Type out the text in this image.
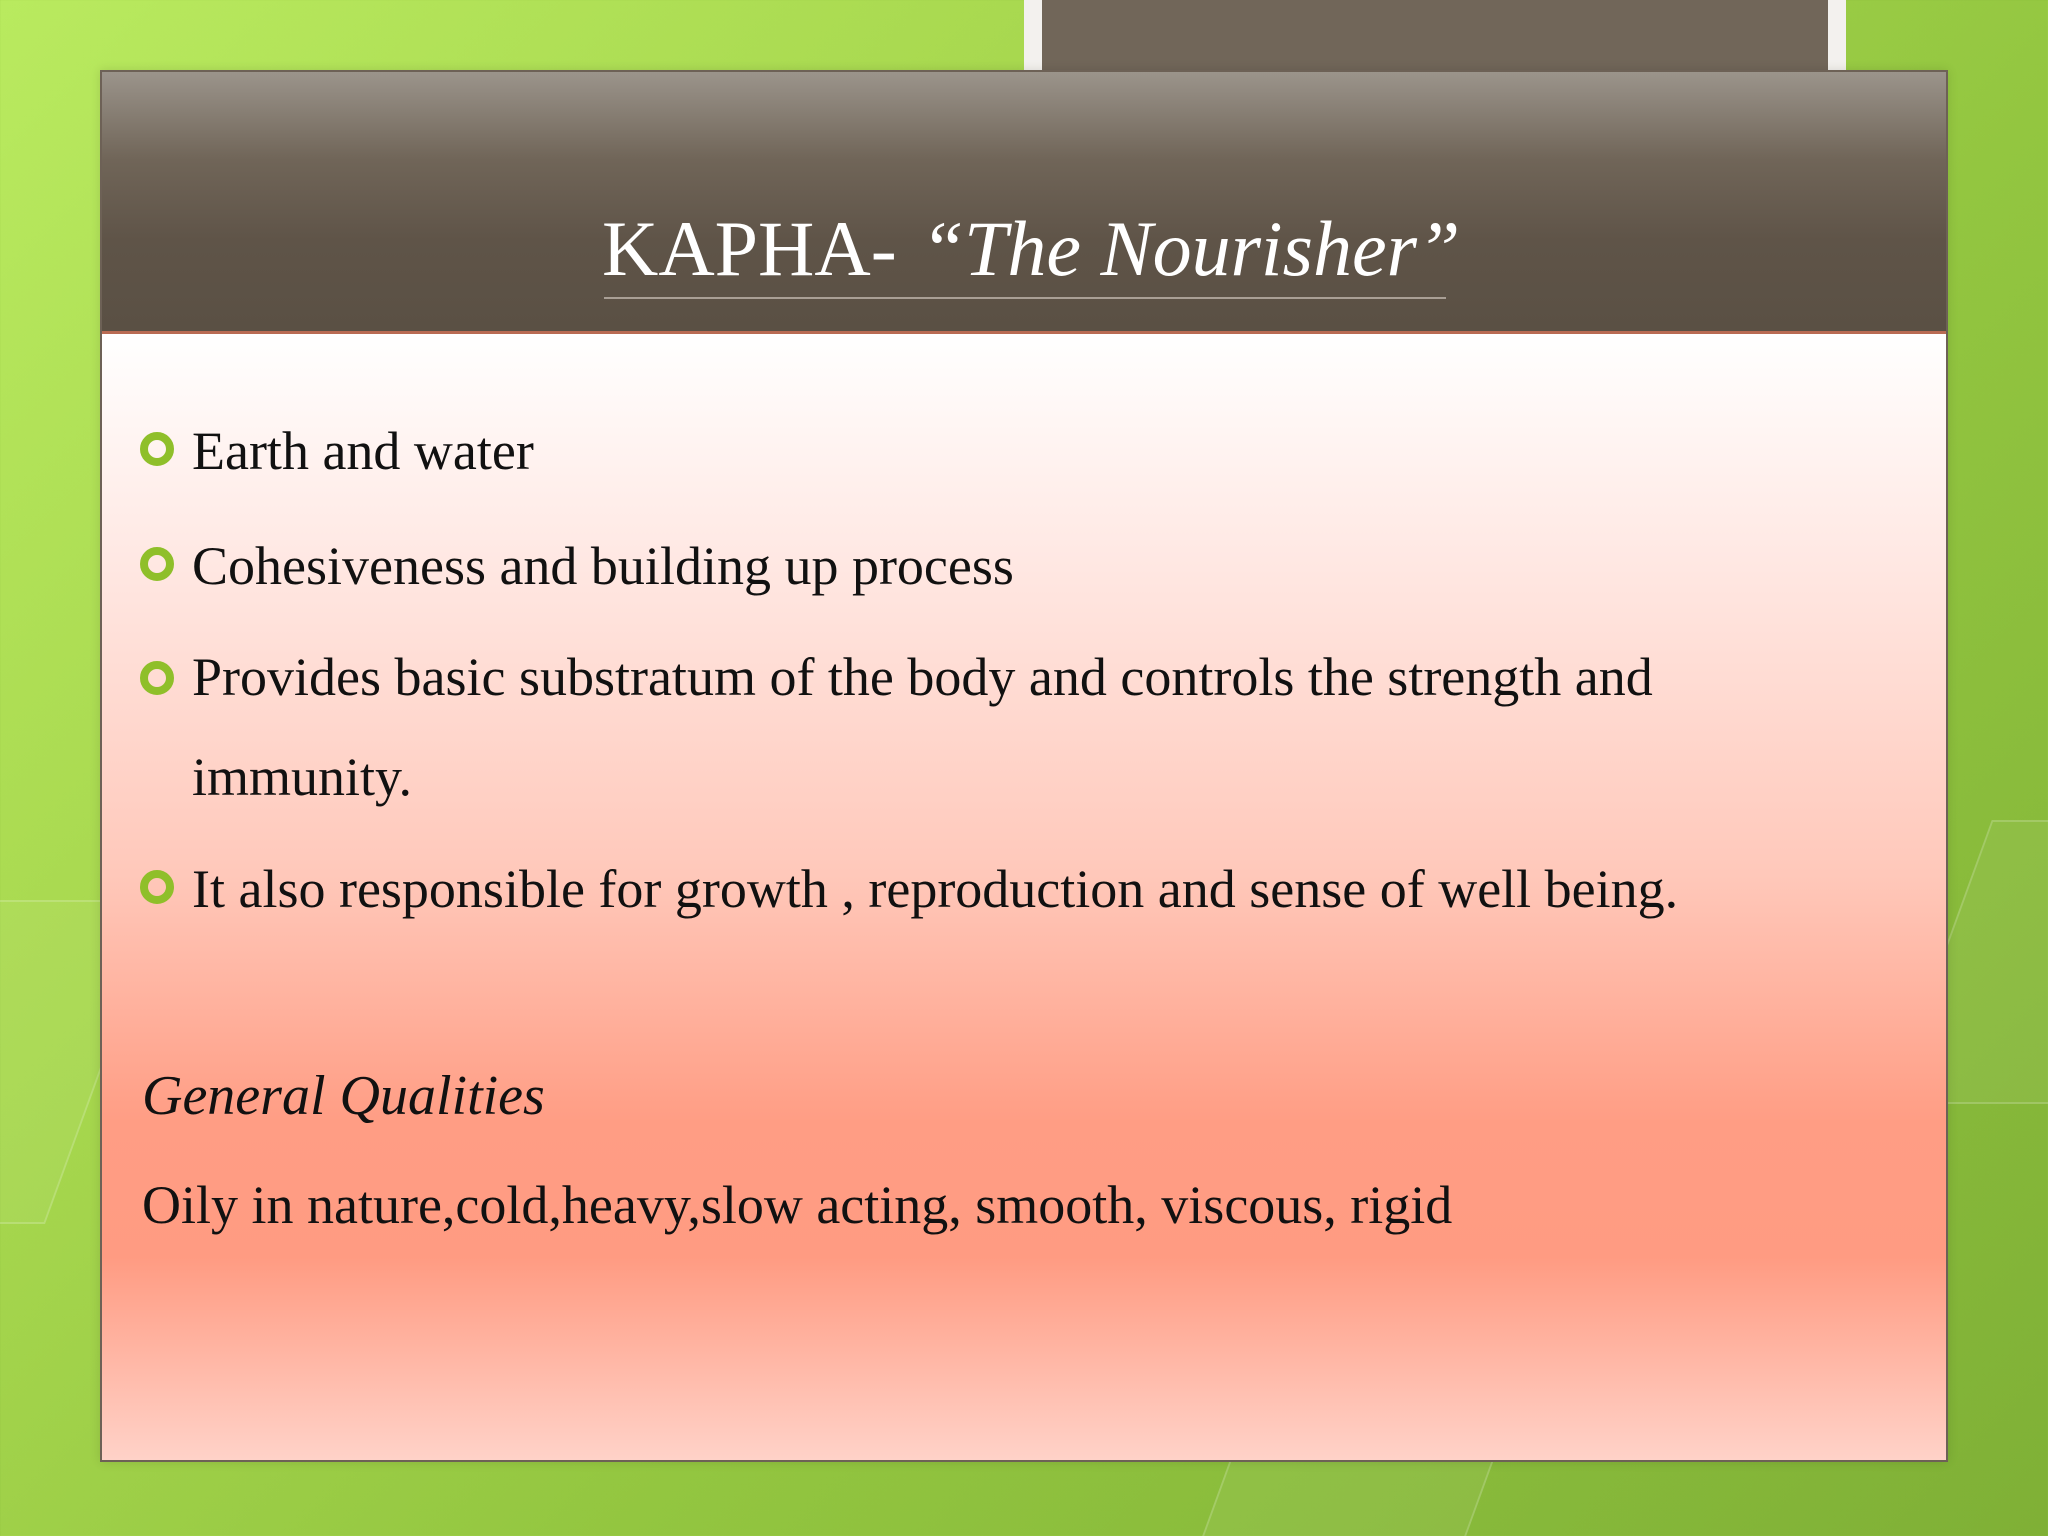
KAPHA- “The Nourisher”
Earth and water
Cohesiveness and building up process
Provides basic substratum of the body and controls the strength and immunity.
It also responsible for growth , reproduction and sense of well being.
General Qualities
Oily in nature,cold,heavy,slow acting, smooth, viscous, rigid
